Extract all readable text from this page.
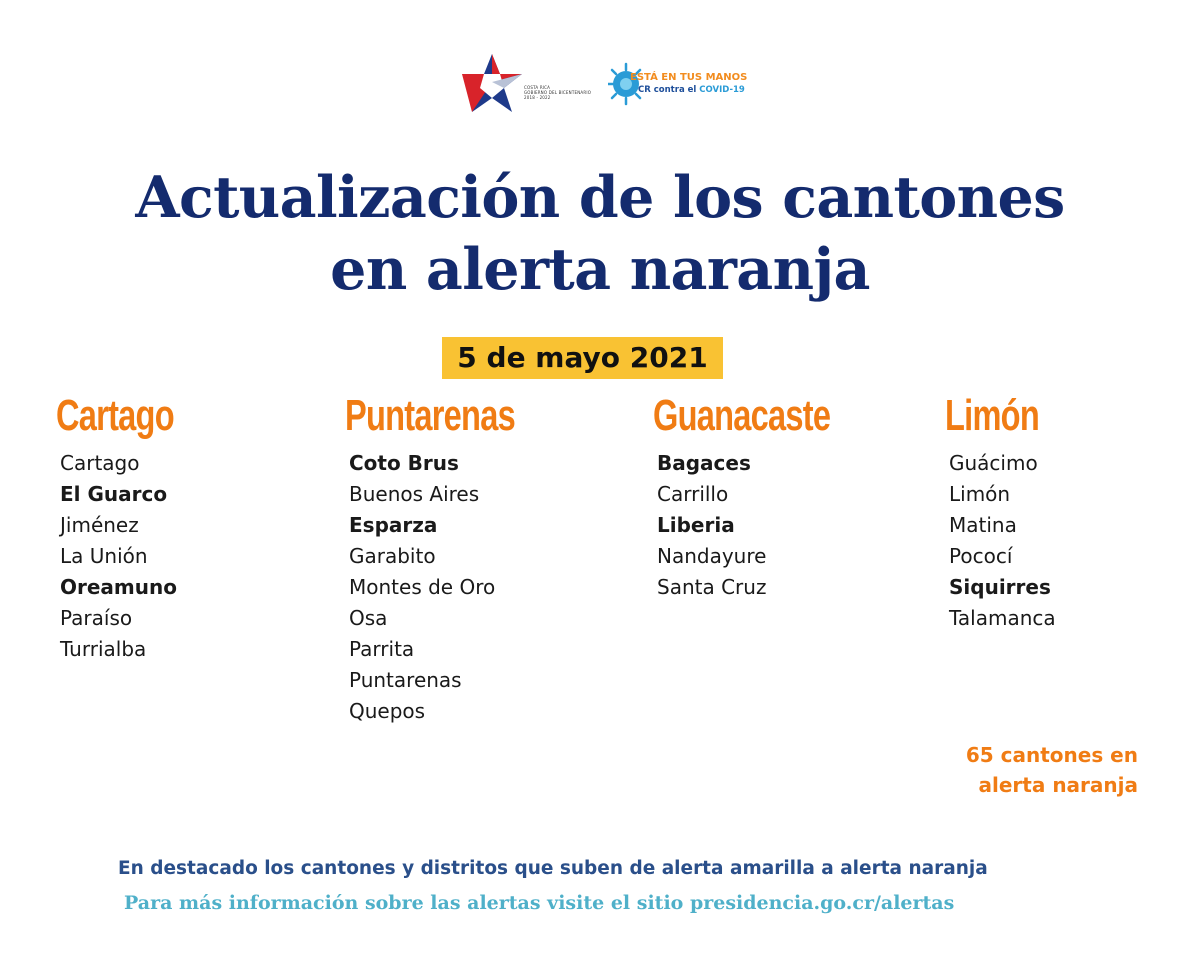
COSTA RICA
GOBIERNO DEL BICENTENARIO
2018 - 2022
ESTÁ EN TUS MANOS
CR contra el COVID-19
Actualización de los cantones
en alerta naranja
5 de mayo 2021
Cartago
Cartago
El Guarco
Jiménez
La Unión
Oreamuno
Paraíso
Turrialba
Puntarenas
Coto Brus
Buenos Aires
Esparza
Garabito
Montes de Oro
Osa
Parrita
Puntarenas
Quepos
Guanacaste
Bagaces
Carrillo
Liberia
Nandayure
Santa Cruz
Limón
Guácimo
Limón
Matina
Pococí
Siquirres
Talamanca
65 cantones en
alerta naranja
En destacado los cantones y distritos que suben de alerta amarilla a alerta naranja
Para más información sobre las alertas visite el sitio presidencia.go.cr/alertas
